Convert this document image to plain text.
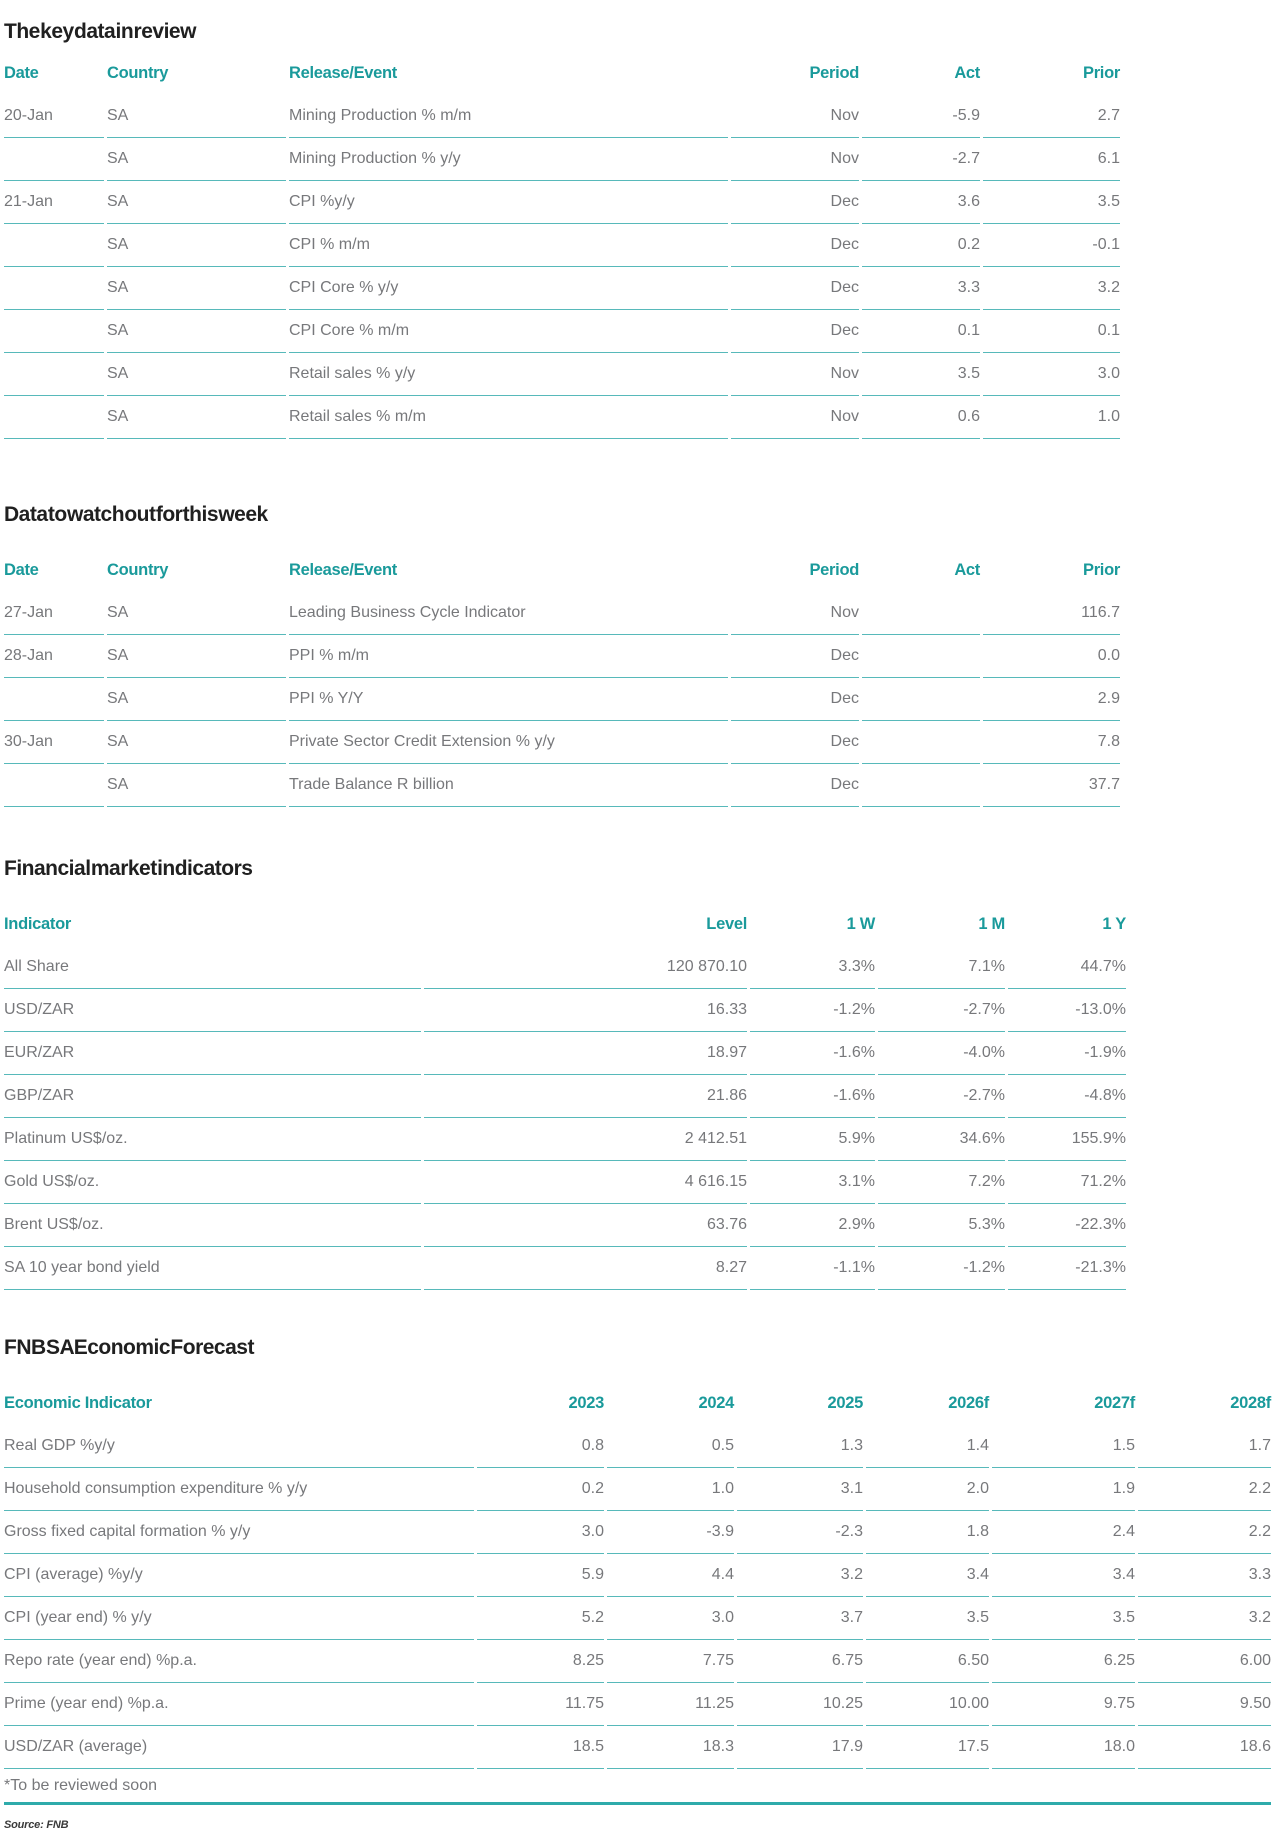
The key data in review
Date	Country	Release/Event	Period	Act	Prior
20-Jan	SA	Mining Production % m/m	Nov	-5.9	2.7
	SA	Mining Production % y/y	Nov	-2.7	6.1
21-Jan	SA	CPI %y/y	Dec	3.6	3.5
	SA	CPI % m/m	Dec	0.2	-0.1
	SA	CPI Core % y/y	Dec	3.3	3.2
	SA	CPI Core % m/m	Dec	0.1	0.1
	SA	Retail sales % y/y	Nov	3.5	3.0
	SA	Retail sales % m/m	Nov	0.6	1.0
Data to watch out for this week
Date	Country	Release/Event	Period	Act	Prior
27-Jan	SA	Leading Business Cycle Indicator	Nov		116.7
28-Jan	SA	PPI % m/m	Dec		0.0
	SA	PPI % Y/Y	Dec		2.9
30-Jan	SA	Private Sector Credit Extension % y/y	Dec		7.8
	SA	Trade Balance R billion	Dec		37.7
Financial market indicators
Indicator	Level	1 W	1 M	1 Y
All Share	120 870.10	3.3%	7.1%	44.7%
USD/ZAR	16.33	-1.2%	-2.7%	-13.0%
EUR/ZAR	18.97	-1.6%	-4.0%	-1.9%
GBP/ZAR	21.86	-1.6%	-2.7%	-4.8%
Platinum US$/oz.	2 412.51	5.9%	34.6%	155.9%
Gold US$/oz.	4 616.15	3.1%	7.2%	71.2%
Brent US$/oz.	63.76	2.9%	5.3%	-22.3%
SA 10 year bond yield	8.27	-1.1%	-1.2%	-21.3%
FNB SA Economic Forecast
Economic Indicator	2023	2024	2025	2026f	2027f	2028f
Real GDP %y/y	0.8	0.5	1.3	1.4	1.5	1.7
Household consumption expenditure % y/y	0.2	1.0	3.1	2.0	1.9	2.2
Gross fixed capital formation % y/y	3.0	-3.9	-2.3	1.8	2.4	2.2
CPI (average) %y/y	5.9	4.4	3.2	3.4	3.4	3.3
CPI (year end) % y/y	5.2	3.0	3.7	3.5	3.5	3.2
Repo rate (year end) %p.a.	8.25	7.75	6.75	6.50	6.25	6.00
Prime (year end) %p.a.	11.75	11.25	10.25	10.00	9.75	9.50
USD/ZAR (average)	18.5	18.3	17.9	17.5	18.0	18.6
*To be reviewed soon						
Source: FNB
